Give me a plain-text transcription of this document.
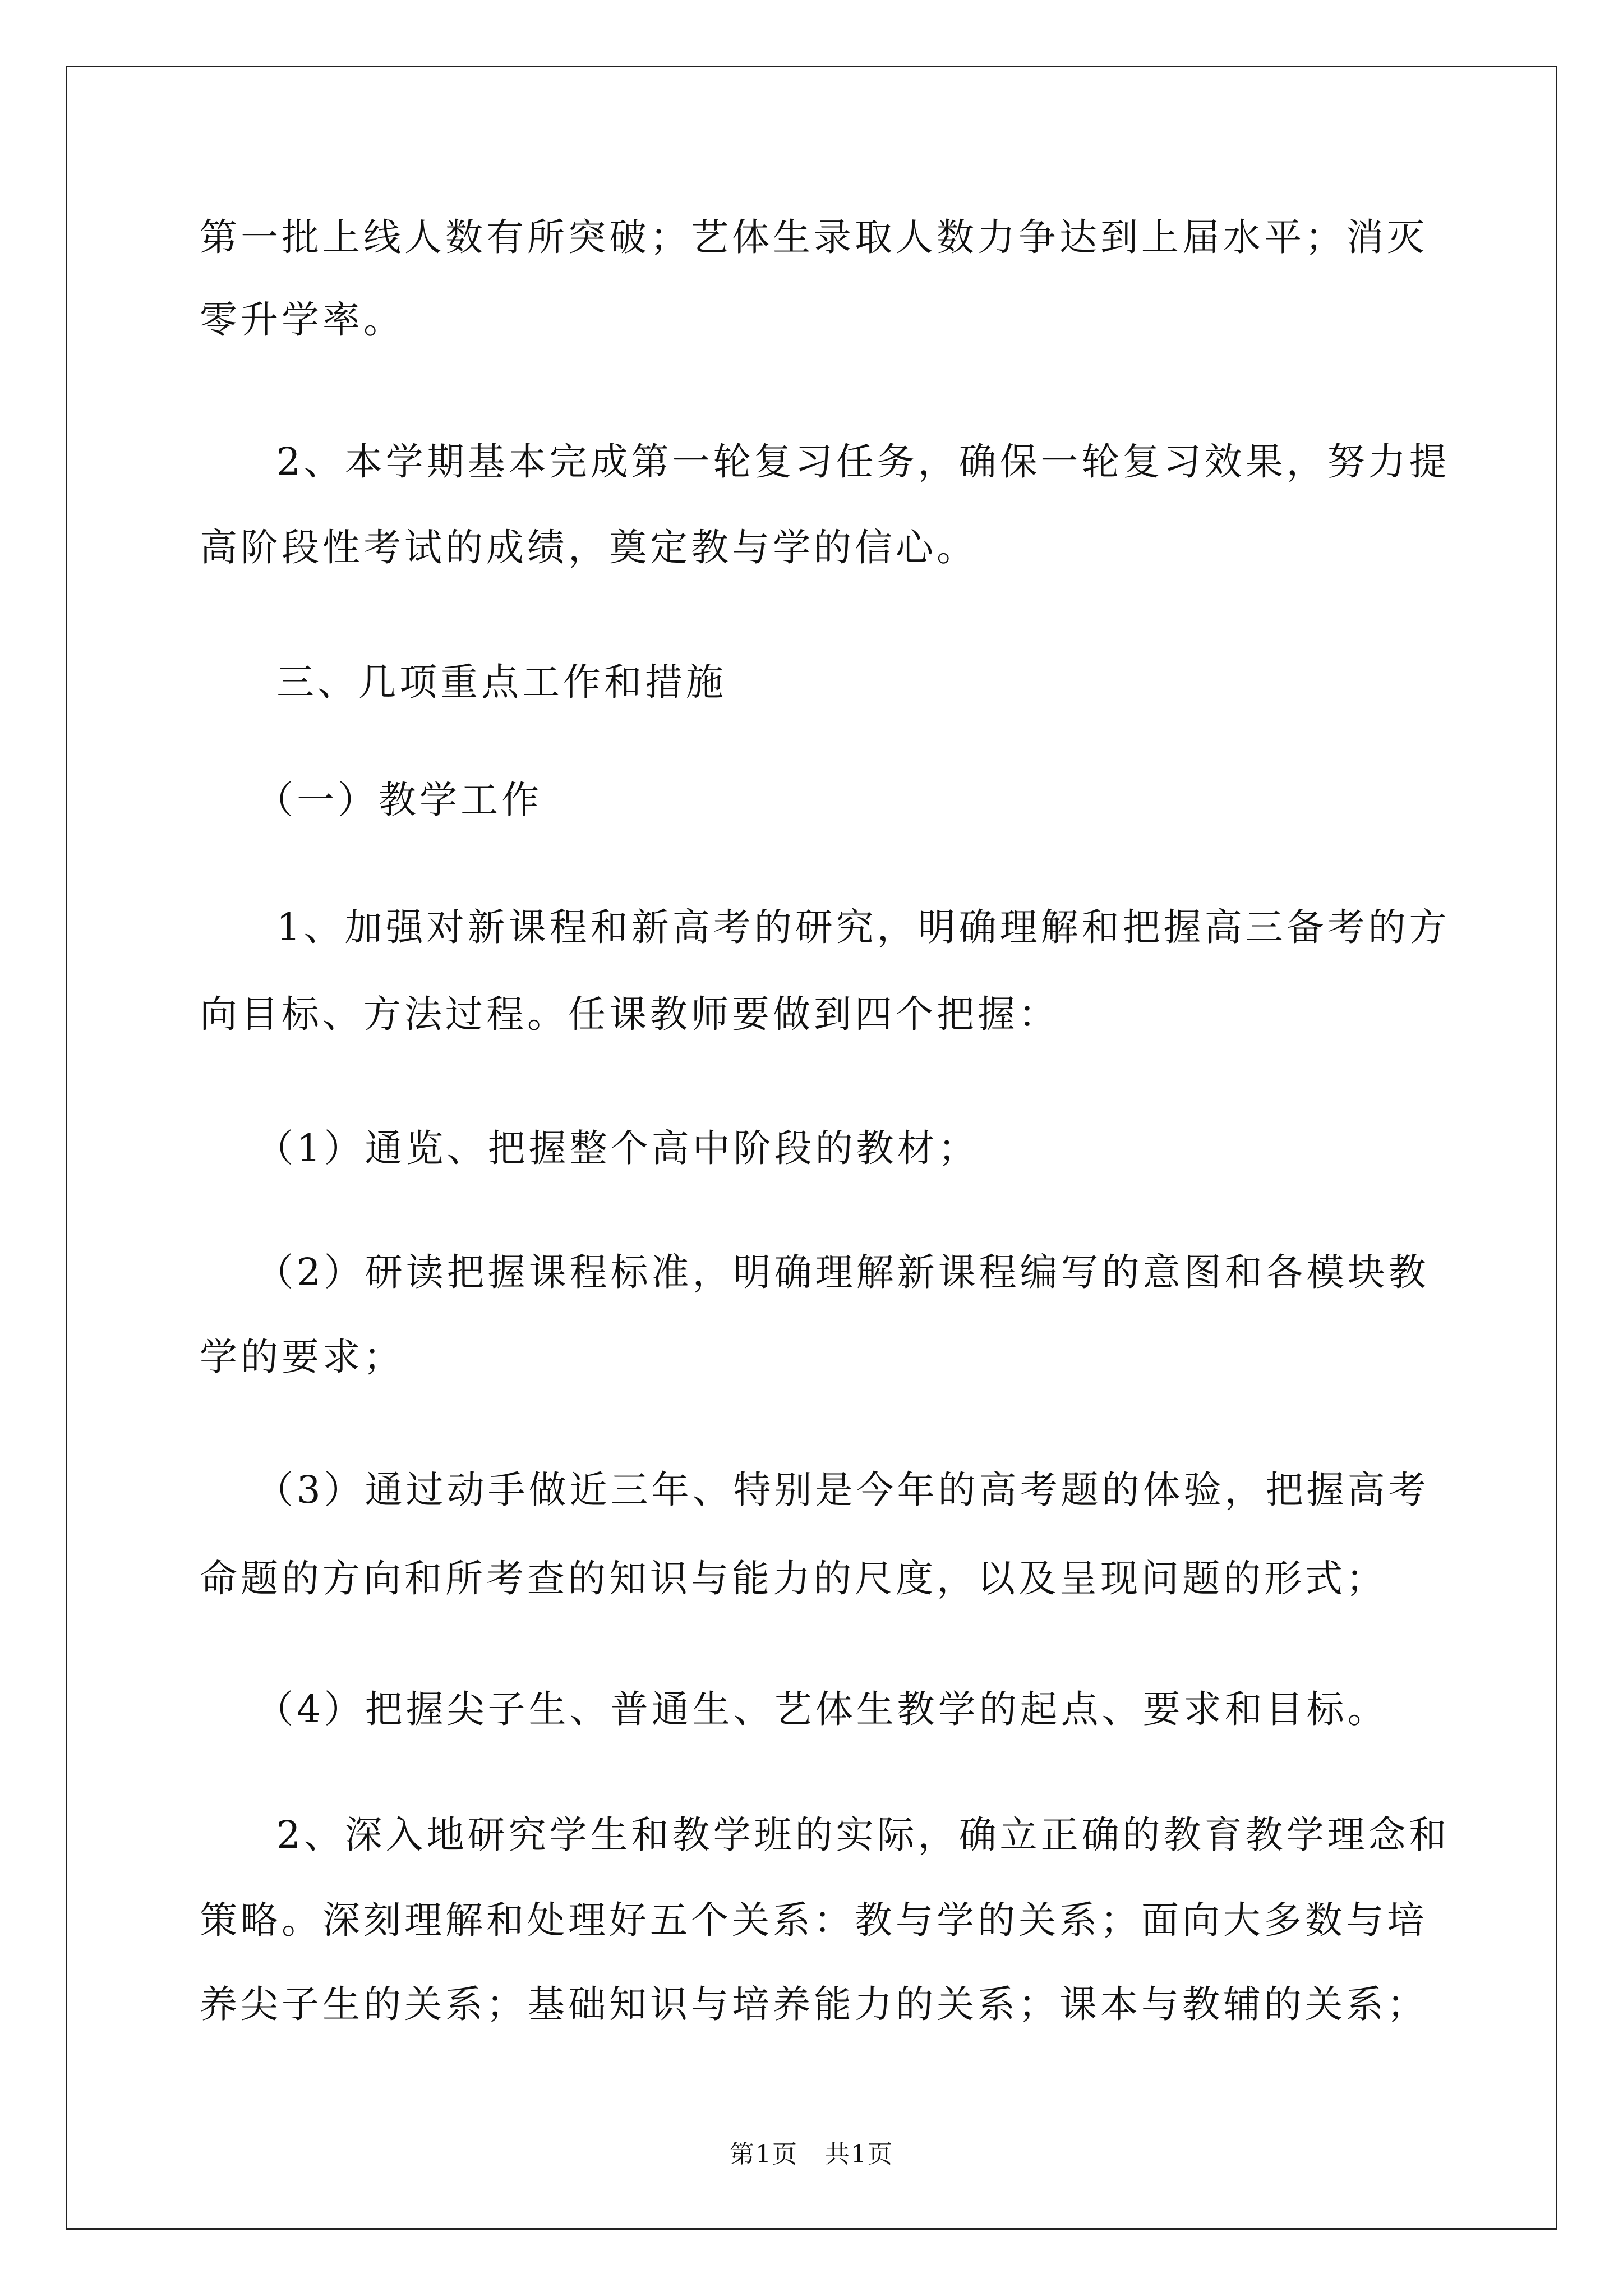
第一批上线人数有所突破；艺体生录取人数力争达到上届水平；消灭
零升学率。
2、本学期基本完成第一轮复习任务，确保一轮复习效果，努力提
高阶段性考试的成绩，奠定教与学的信心。
三、几项重点工作和措施
（一）教学工作
1、加强对新课程和新高考的研究，明确理解和把握高三备考的方
向目标、方法过程。任课教师要做到四个把握：
（1）通览、把握整个高中阶段的教材；
（2）研读把握课程标准，明确理解新课程编写的意图和各模块教
学的要求；
（3）通过动手做近三年、特别是今年的高考题的体验，把握高考
命题的方向和所考查的知识与能力的尺度，以及呈现问题的形式；
（4）把握尖子生、普通生、艺体生教学的起点、要求和目标。
2、深入地研究学生和教学班的实际，确立正确的教育教学理念和
策略。深刻理解和处理好五个关系：教与学的关系；面向大多数与培
养尖子生的关系；基础知识与培养能力的关系；课本与教辅的关系；
第1页   共1页
